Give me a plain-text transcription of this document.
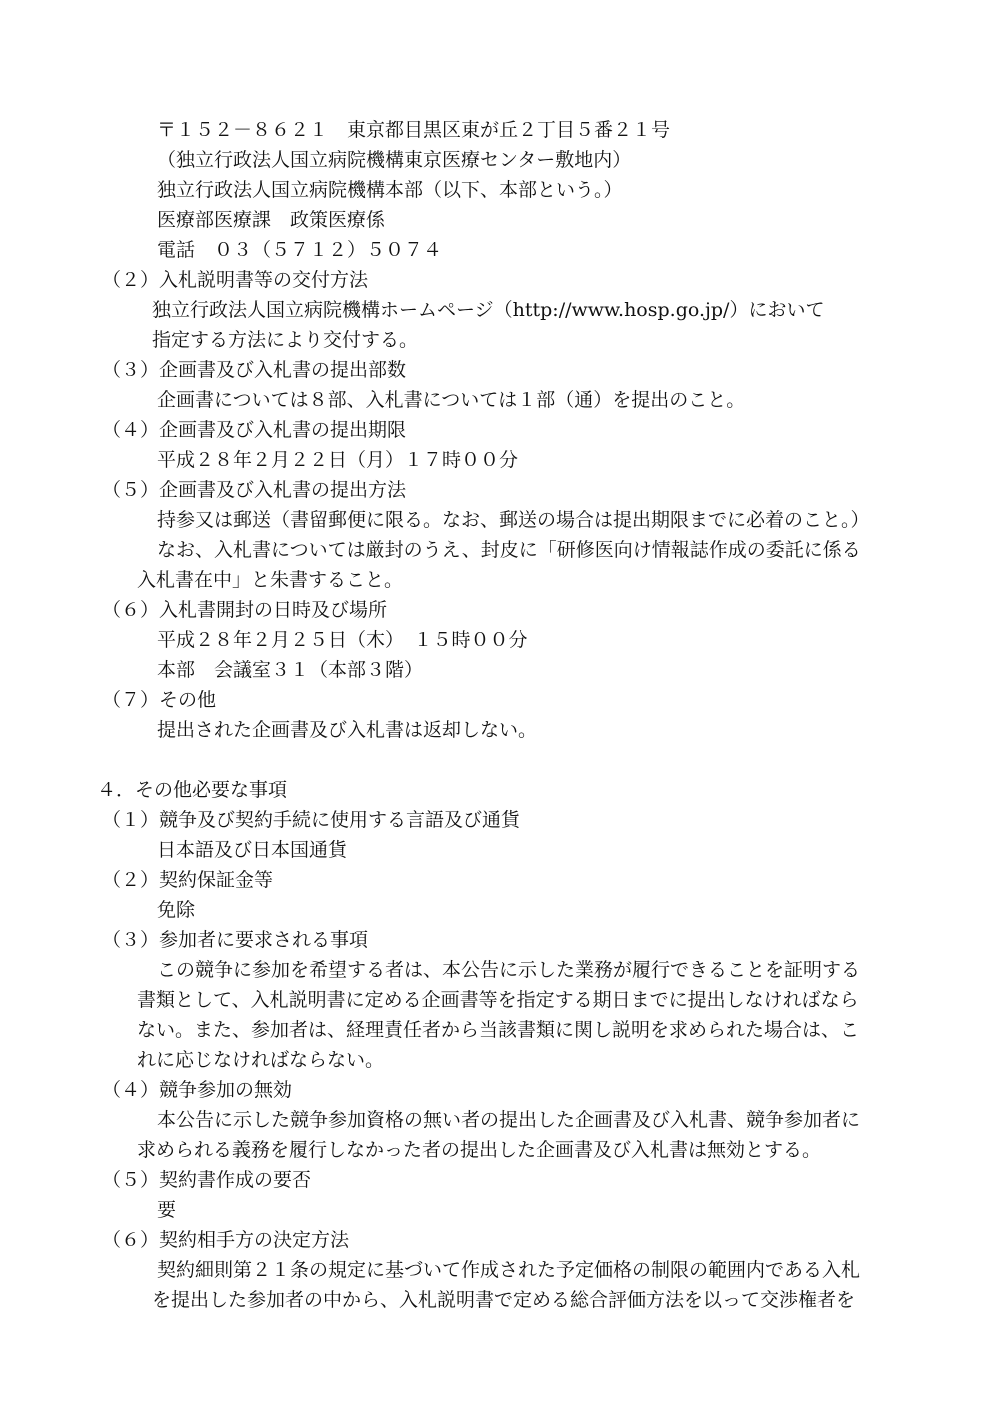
〒１５２－８６２１　東京都目黒区東が丘２丁目５番２１号
（独立行政法人国立病院機構東京医療センター敷地内）
独立行政法人国立病院機構本部（以下、本部という。）
医療部医療課　政策医療係
電話　０３（５７１２）５０７４
（２）入札説明書等の交付方法
独立行政法人国立病院機構ホームページ（http://www.hosp.go.jp/）において
指定する方法により交付する。
（３）企画書及び入札書の提出部数
企画書については８部、入札書については１部（通）を提出のこと。
（４）企画書及び入札書の提出期限
平成２８年２月２２日（月）１７時００分
（５）企画書及び入札書の提出方法
持参又は郵送（書留郵便に限る。なお、郵送の場合は提出期限までに必着のこと。）
なお、入札書については厳封のうえ、封皮に「研修医向け情報誌作成の委託に係る
入札書在中」と朱書すること。
（６）入札書開封の日時及び場所
平成２８年２月２５日（木）　１５時００分
本部　会議室３１（本部３階）
（７）その他
提出された企画書及び入札書は返却しない。
４．その他必要な事項
（１）競争及び契約手続に使用する言語及び通貨
日本語及び日本国通貨
（２）契約保証金等
免除
（３）参加者に要求される事項
この競争に参加を希望する者は、本公告に示した業務が履行できることを証明する
書類として、入札説明書に定める企画書等を指定する期日までに提出しなければなら
ない。また、参加者は、経理責任者から当該書類に関し説明を求められた場合は、こ
れに応じなければならない。
（４）競争参加の無効
本公告に示した競争参加資格の無い者の提出した企画書及び入札書、競争参加者に
求められる義務を履行しなかった者の提出した企画書及び入札書は無効とする。
（５）契約書作成の要否
要
（６）契約相手方の決定方法
契約細則第２１条の規定に基づいて作成された予定価格の制限の範囲内である入札
を提出した参加者の中から、入札説明書で定める総合評価方法を以って交渉権者を
